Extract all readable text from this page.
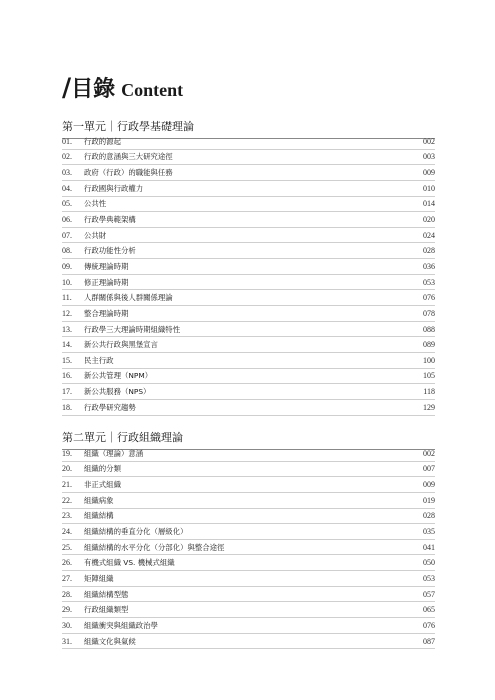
/ 目錄 Content
第一單元｜行政學基礎理論
01.	行政的源起	002
02.	行政的意涵與三大研究途徑	003
03.	政府（行政）的職能與任務	009
04.	行政國與行政權力	010
05.	公共性	014
06.	行政學典範架構	020
07.	公共財	024
08.	行政功能性分析	028
09.	傳統理論時期	036
10.	修正理論時期	053
11.	人群關係與後人群關係理論	076
12.	整合理論時期	078
13.	行政學三大理論時期組織特性	088
14.	新公共行政與黑堡宣言	089
15.	民主行政	100
16.	新公共管理（NPM）	105
17.	新公共服務（NPS）	118
18.	行政學研究趨勢	129
第二單元｜行政組織理論
19.	組織（理論）意涵	002
20.	組織的分類	007
21.	非正式組織	009
22.	組織病象	019
23.	組織結構	028
24.	組織結構的垂直分化（層級化）	035
25.	組織結構的水平分化（分部化）與整合途徑	041
26.	有機式組織 VS. 機械式組織	050
27.	矩陣組織	053
28.	組織結構型態	057
29.	行政組織類型	065
30.	組織衝突與組織政治學	076
31.	組織文化與氣候	087
